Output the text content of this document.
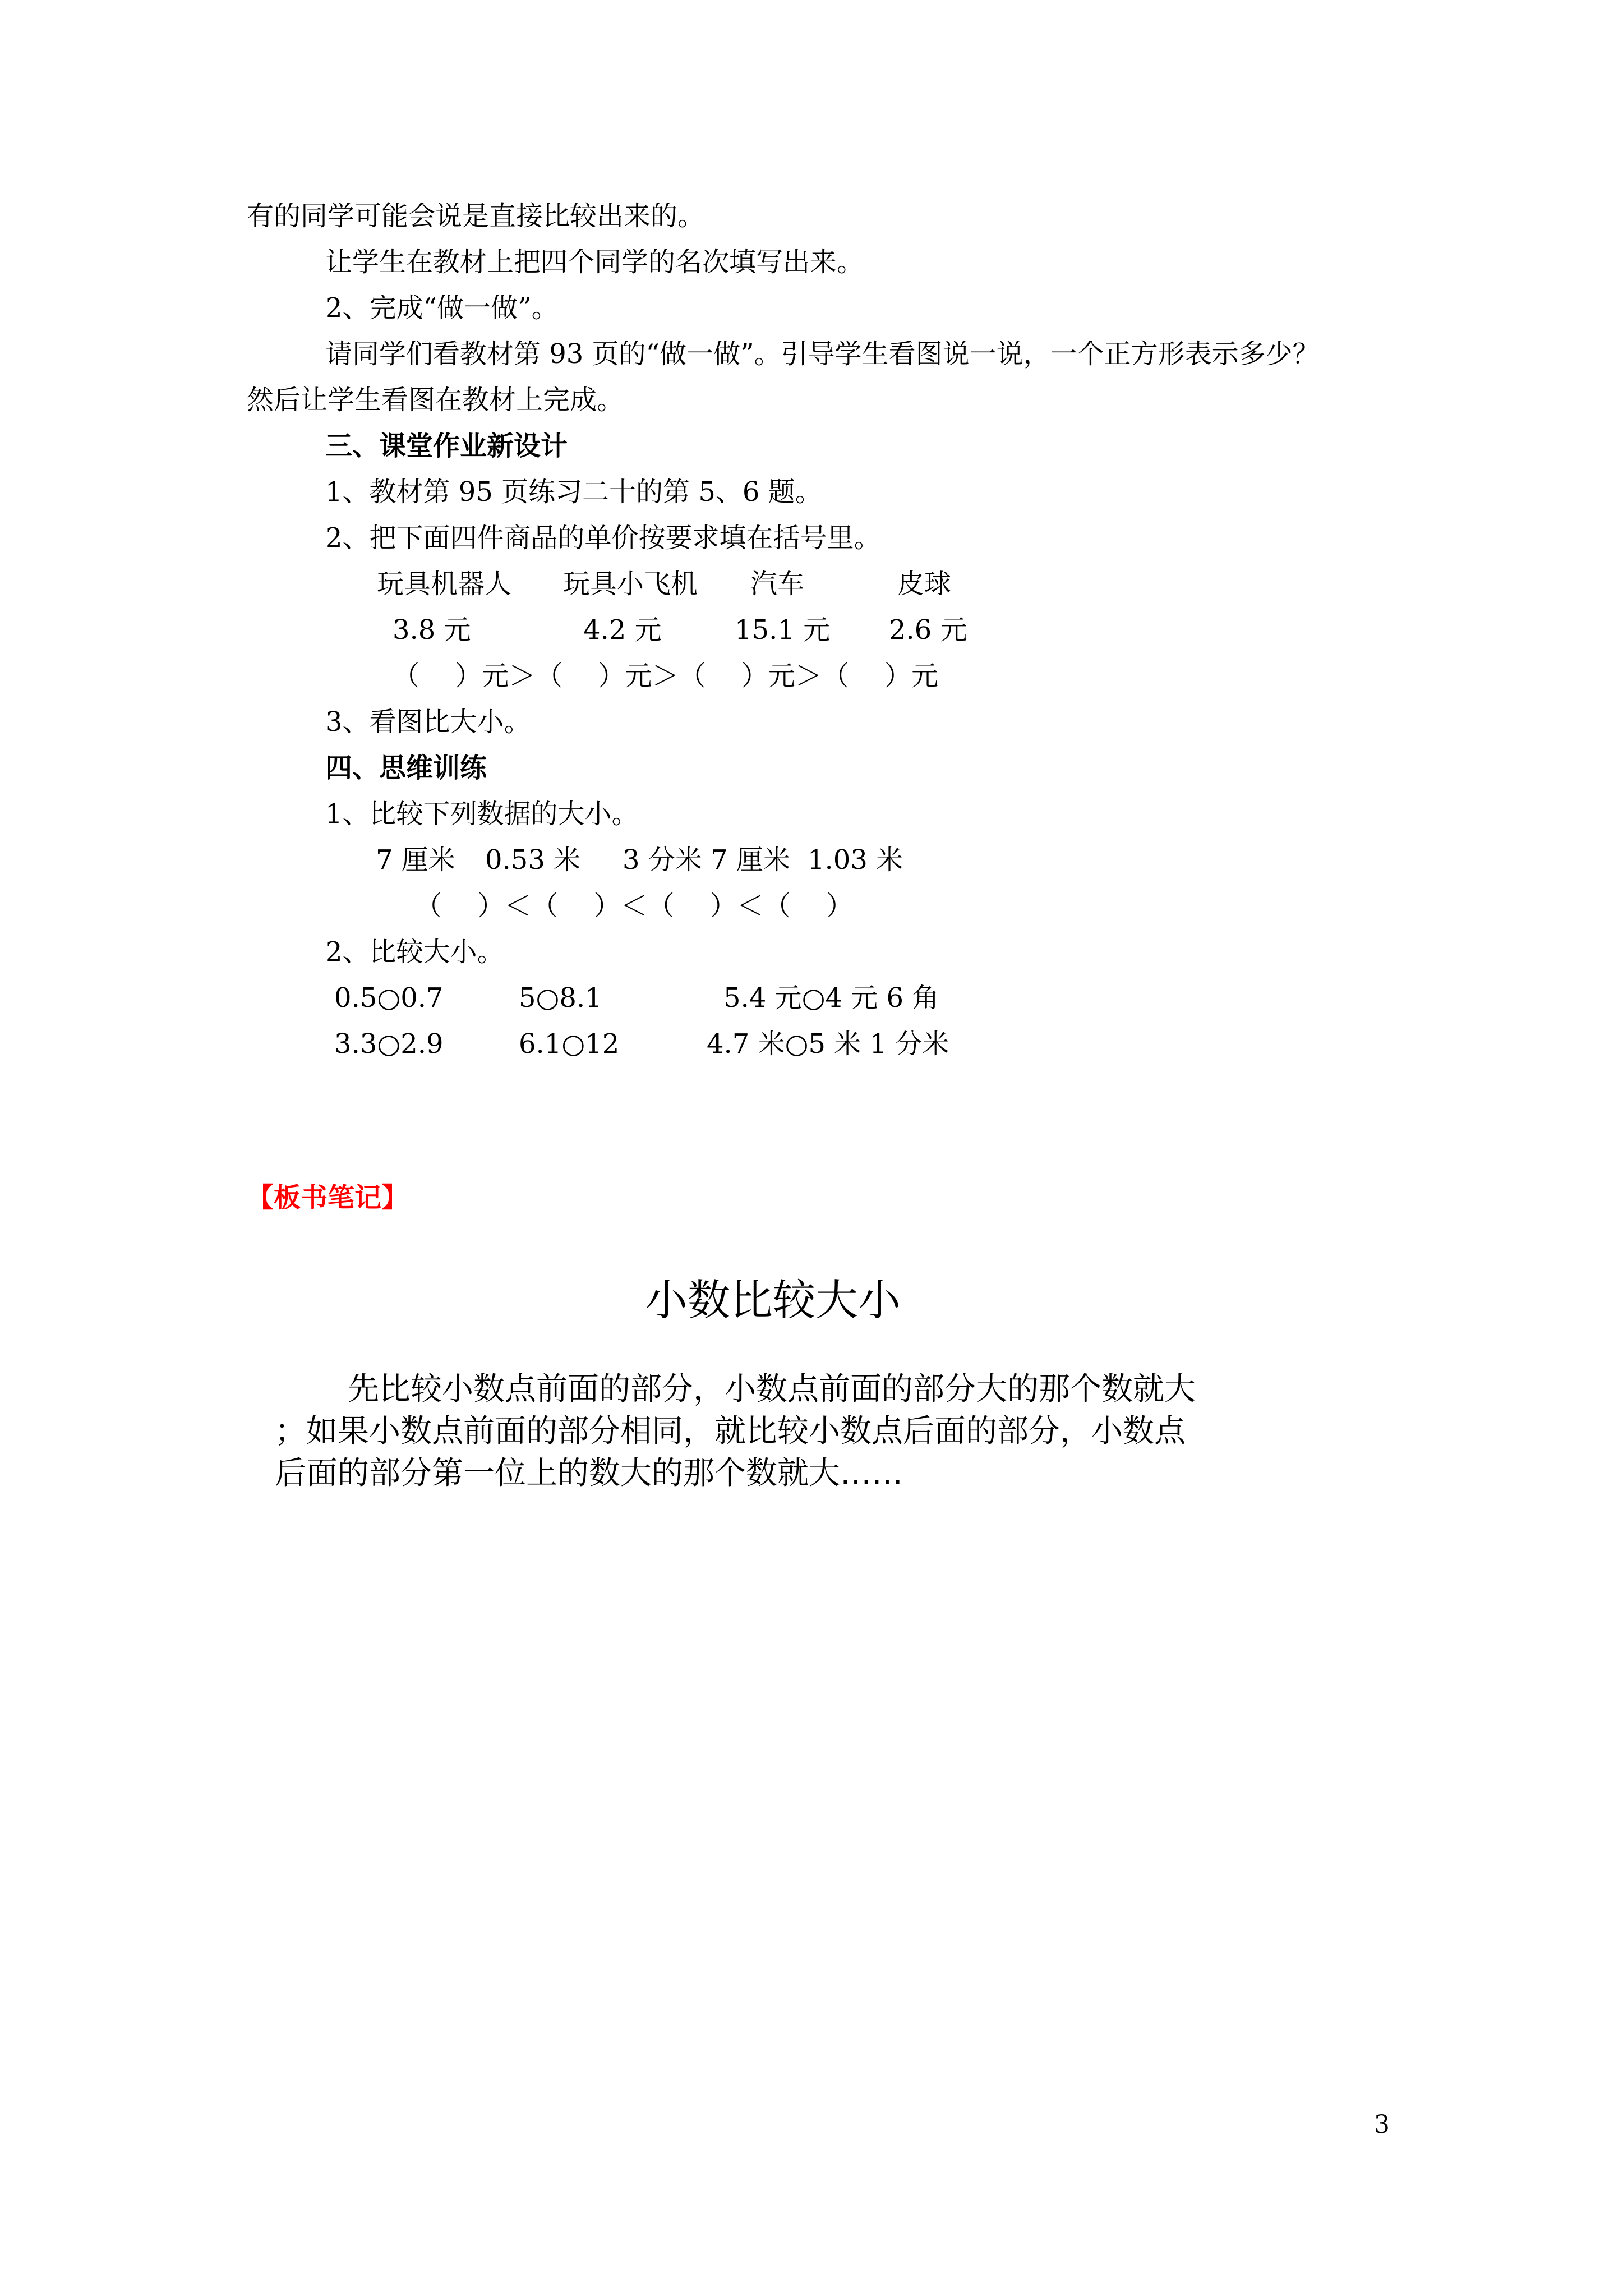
有的同学可能会说是直接比较出来的。
让学生在教材上把四个同学的名次填写出来。
2、完成“做一做”。
请同学们看教材第 93 页的“做一做”。引导学生看图说一说，一个正方形表示多少？
然后让学生看图在教材上完成。
三、课堂作业新设计
1、教材第 95 页练习二十的第 5、6 题。
2、把下面四件商品的单价按要求填在括号里。
玩具机器人 玩具小飞机 汽车	皮球
3.8 元	4.2 元	15.1 元 2.6 元
（　 ）元＞（　 ）元＞（　 ）元＞（　 ）元
3、看图比大小。
四、思维训练
1、比较下列数据的大小。
7 厘米 0.53 米 3 分米 7 厘米 1.03 米
（　 ）＜（　 ）＜（　 ）＜（　 ）
2、比较大小。
0.5○0.7	5○8.1	5.4 元○4 元 6 角
3.3○2.9	6.1○12	4.7 米○5 米 1 分米
【板书笔记】
小数比较大小
先比较小数点前面的部分，小数点前面的部分大的那个数就大
；如果小数点前面的部分相同，就比较小数点后面的部分，小数点
后面的部分第一位上的数大的那个数就大……
3
